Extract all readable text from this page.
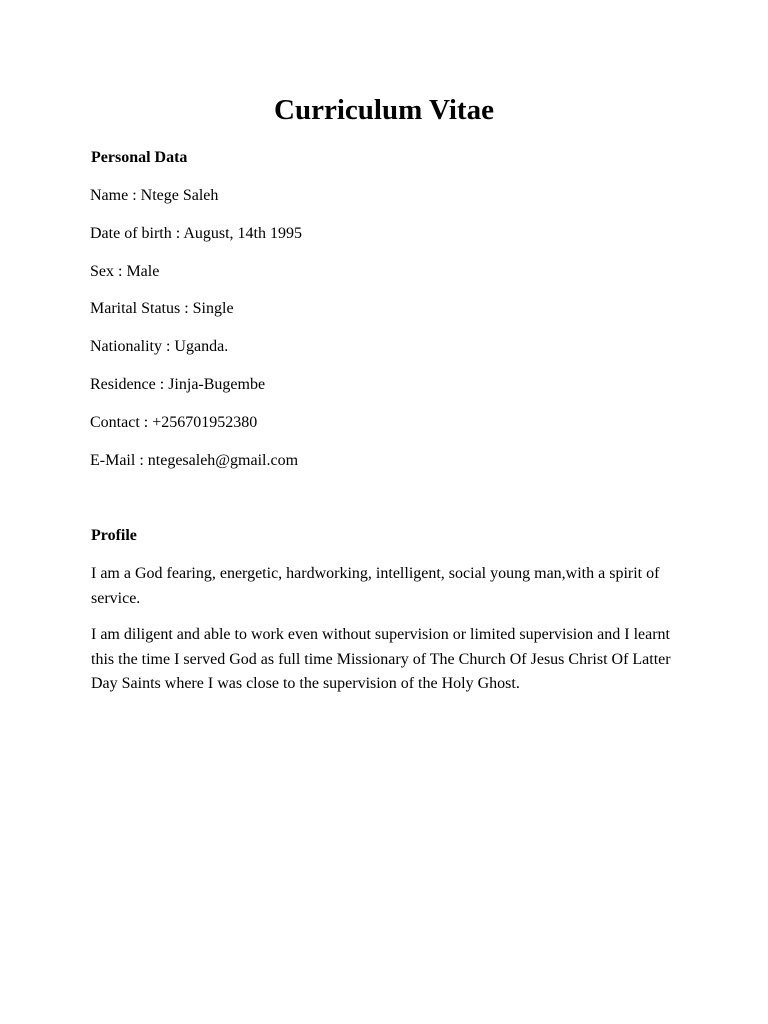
Curriculum Vitae
Personal Data

Name : Ntege Saleh

Date of birth : August, 14th 1995

Sex : Male

Marital Status : Single

Nationality : Uganda.

Residence : Jinja-Bugembe

Contact : +256701952380

E-Mail : ntegesaleh@gmail.com

Profile

I am a God fearing, energetic, hardworking, intelligent, social young man,with a spirit of service.

I am diligent and able to work even without supervision or limited supervision and I learnt this the time I served God as full time Missionary of The Church Of Jesus Christ Of Latter Day Saints where I was close to the supervision of the Holy Ghost.
